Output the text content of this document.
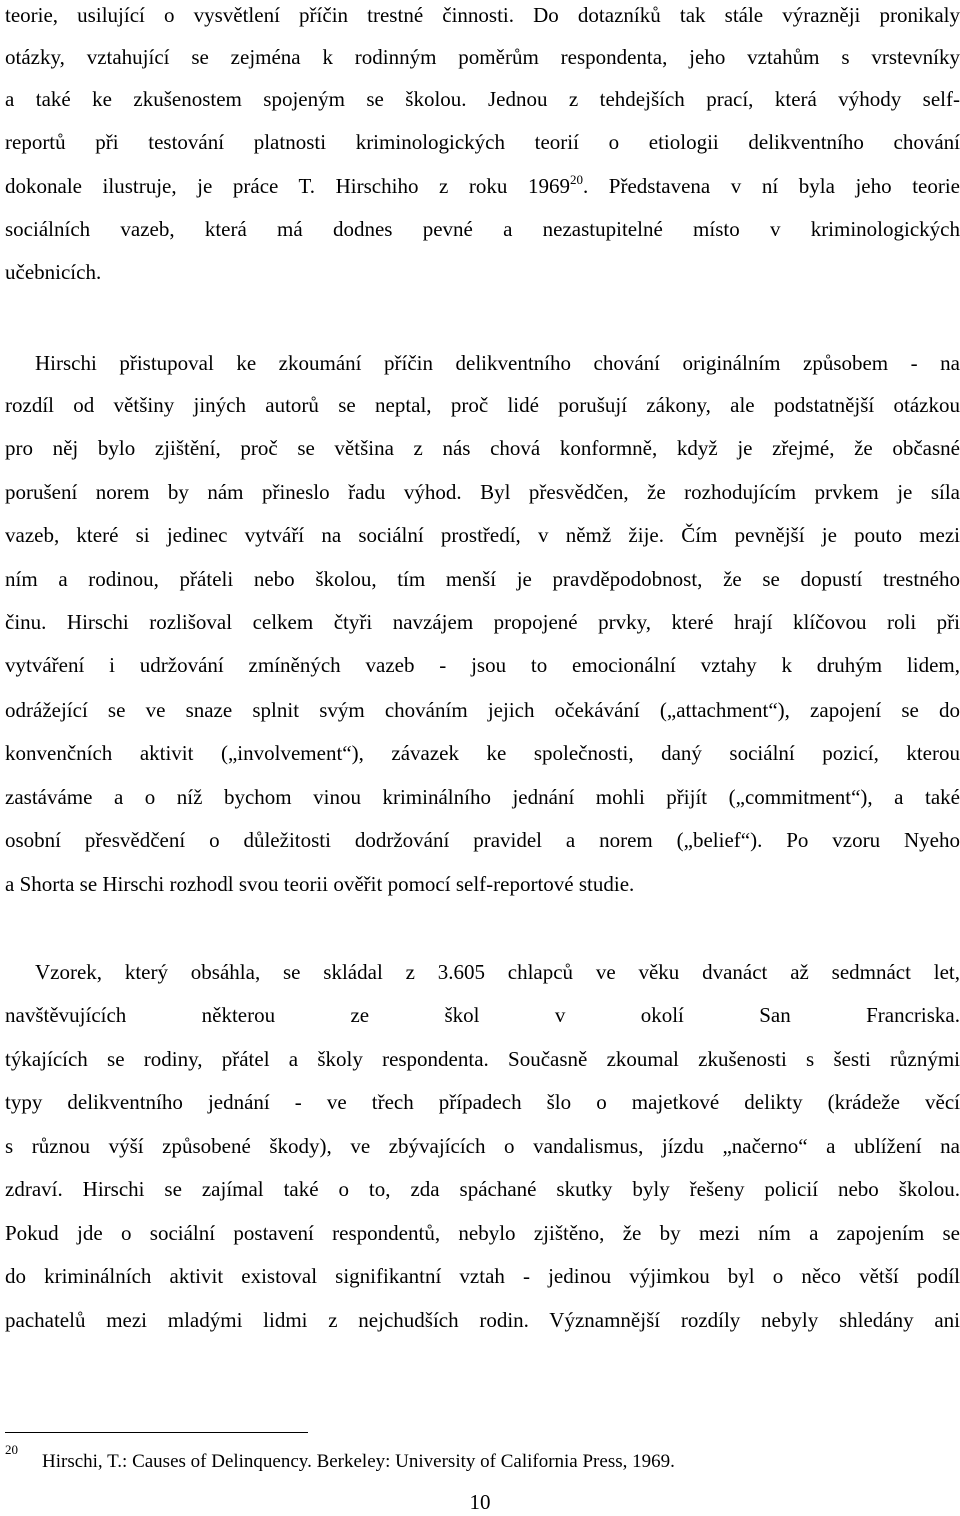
teorie, usilující o vysvětlení příčin trestné činnosti. Do dotazníků tak stále výrazněji pronikaly
otázky, vztahující se zejména k rodinným poměrům respondenta, jeho vztahům s vrstevníky
a také ke zkušenostem spojeným se školou. Jednou z tehdejších prací, která výhody self-
reportů při testování platnosti kriminologických teorií o etiologii delikventního chování
dokonale ilustruje, je práce T. Hirschiho z roku 1969$^{20}$. Představena v ní byla jeho teorie
sociálních vazeb, která má dodnes pevné a nezastupitelné místo v kriminologických
učebnicích.
Hirschi přistupoval ke zkoumání příčin delikventního chování originálním způsobem - na
rozdíl od většiny jiných autorů se neptal, proč lidé porušují zákony, ale podstatnější otázkou
pro něj bylo zjištění, proč se většina z nás chová konformně, když je zřejmé, že občasné
porušení norem by nám přineslo řadu výhod. Byl přesvědčen, že rozhodujícím prvkem je síla
vazeb, které si jedinec vytváří na sociální prostředí, v němž žije. Čím pevnější je pouto mezi
ním a rodinou, přáteli nebo školou, tím menší je pravděpodobnost, že se dopustí trestného
činu. Hirschi rozlišoval celkem čtyři navzájem propojené prvky, které hrají klíčovou roli při
vytváření i udržování zmíněných vazeb - jsou to emocionální vztahy k druhým lidem,
odrážející se ve snaze splnit svým chováním jejich očekávání („attachment“), zapojení se do
konvenčních aktivit („involvement“), závazek ke společnosti, daný sociální pozicí, kterou
zastáváme a o níž bychom vinou kriminálního jednání mohli přijít („commitment“), a také
osobní přesvědčení o důležitosti dodržování pravidel a norem („belief“). Po vzoru Nyeho
a Shorta se Hirschi rozhodl svou teorii ověřit pomocí self-reportové studie.
Vzorek, který obsáhla, se skládal z 3.605 chlapců ve věku dvanáct až sedmnáct let,
navštěvujících některou ze škol v okolí San Francriska.
týkajících se rodiny, přátel a školy respondenta. Současně zkoumal zkušenosti s šesti různými
typy delikventního jednání - ve třech případech šlo o majetkové delikty (krádeže věcí
s různou výší způsobené škody), ve zbývajících o vandalismus, jízdu „načerno“ a ublížení na
zdraví. Hirschi se zajímal také o to, zda spáchané skutky byly řešeny policií nebo školou.
Pokud jde o sociální postavení respondentů, nebylo zjištěno, že by mezi ním a zapojením se
do kriminálních aktivit existoval signifikantní vztah - jedinou výjimkou byl o něco větší podíl
pachatelů mezi mladými lidmi z nejchudších rodin. Významnější rozdíly nebyly shledány ani
20
Hirschi, T.: Causes of Delinquency. Berkeley: University of California Press, 1969.
10
